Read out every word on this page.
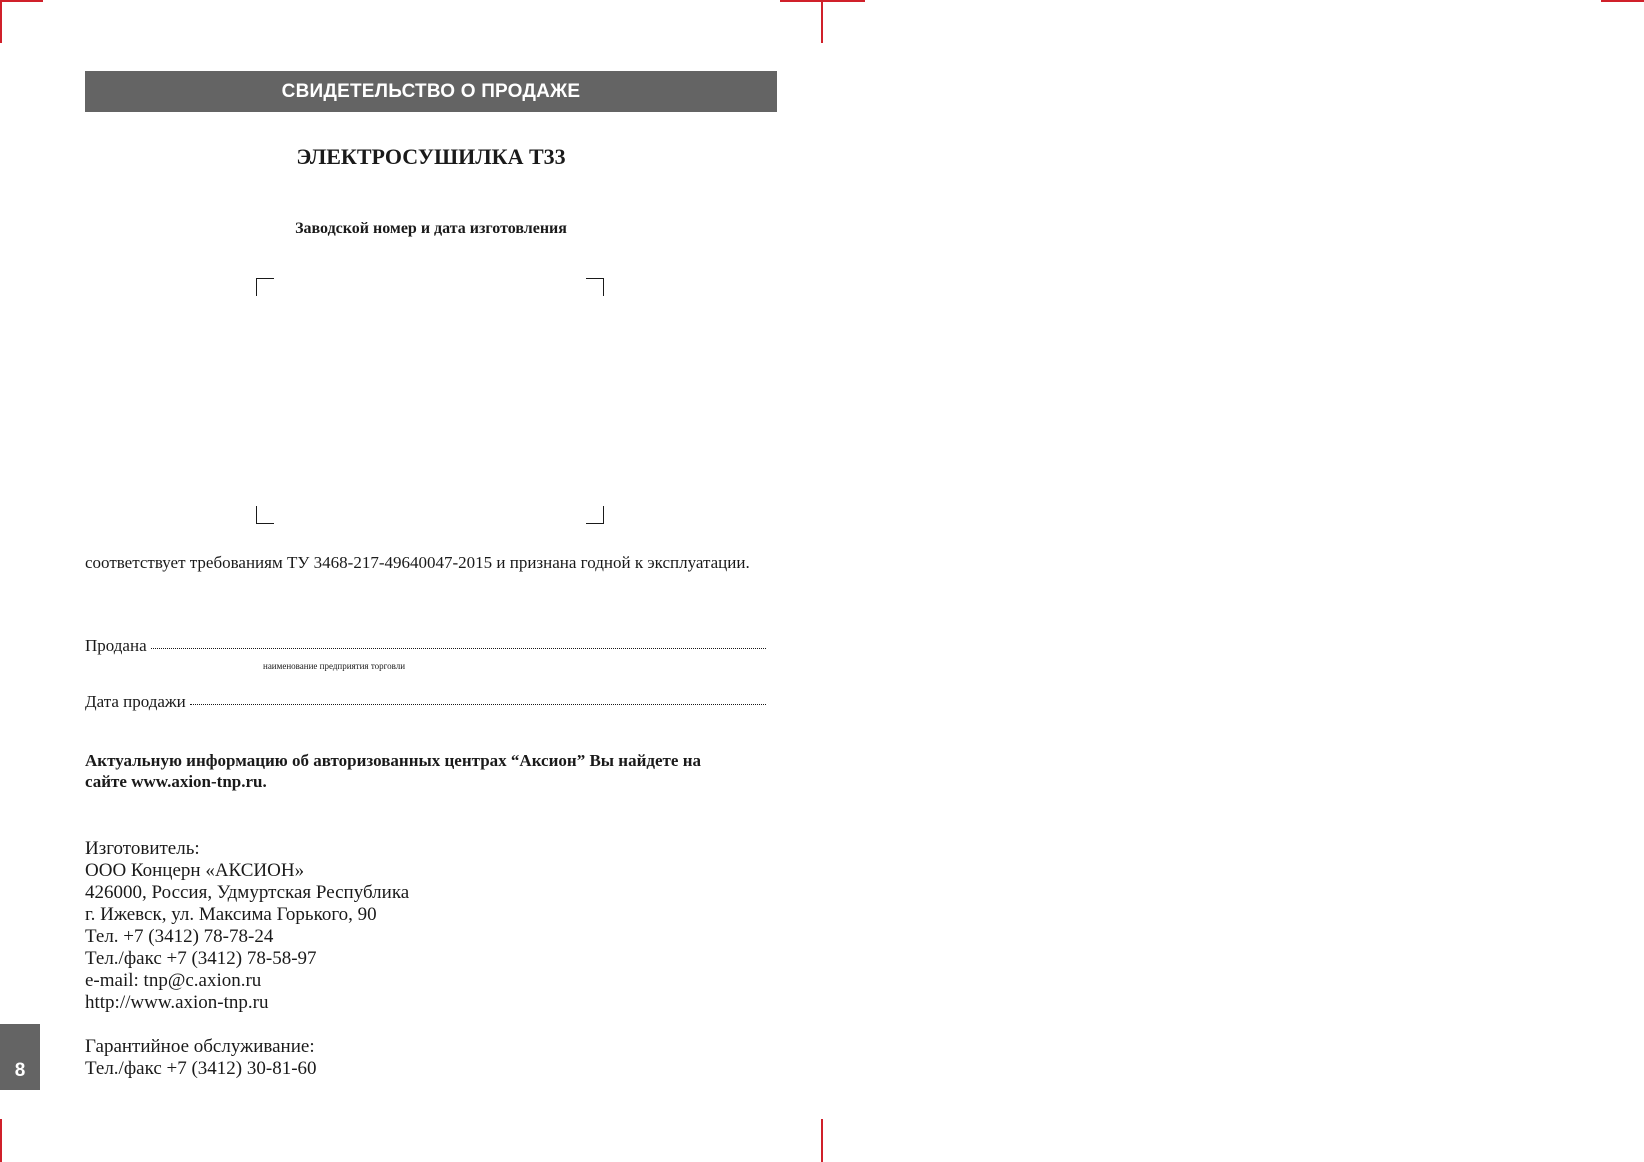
СВИДЕТЕЛЬСТВО О ПРОДАЖЕ
ЭЛЕКТРОСУШИЛКА Т33
Заводской номер и дата изготовления
соответствует требованиям ТУ 3468-217-49640047-2015 и признана годной к эксплуатации.
Продана
наименование предприятия торговли
Дата продажи
Актуальную информацию об авторизованных центрах “Аксион” Вы найдете на
сайте www.axion-tnp.ru.
Изготовитель:
ООО Концерн «АКСИОН»
426000, Россия, Удмуртская Республика
г. Ижевск, ул. Максима Горького, 90
Тел. +7 (3412) 78-78-24
Тел./факс +7 (3412) 78-58-97
e-mail: tnp@c.axion.ru
http://www.axion-tnp.ru
Гарантийное обслуживание:
Тел./факс +7 (3412) 30-81-60
8
